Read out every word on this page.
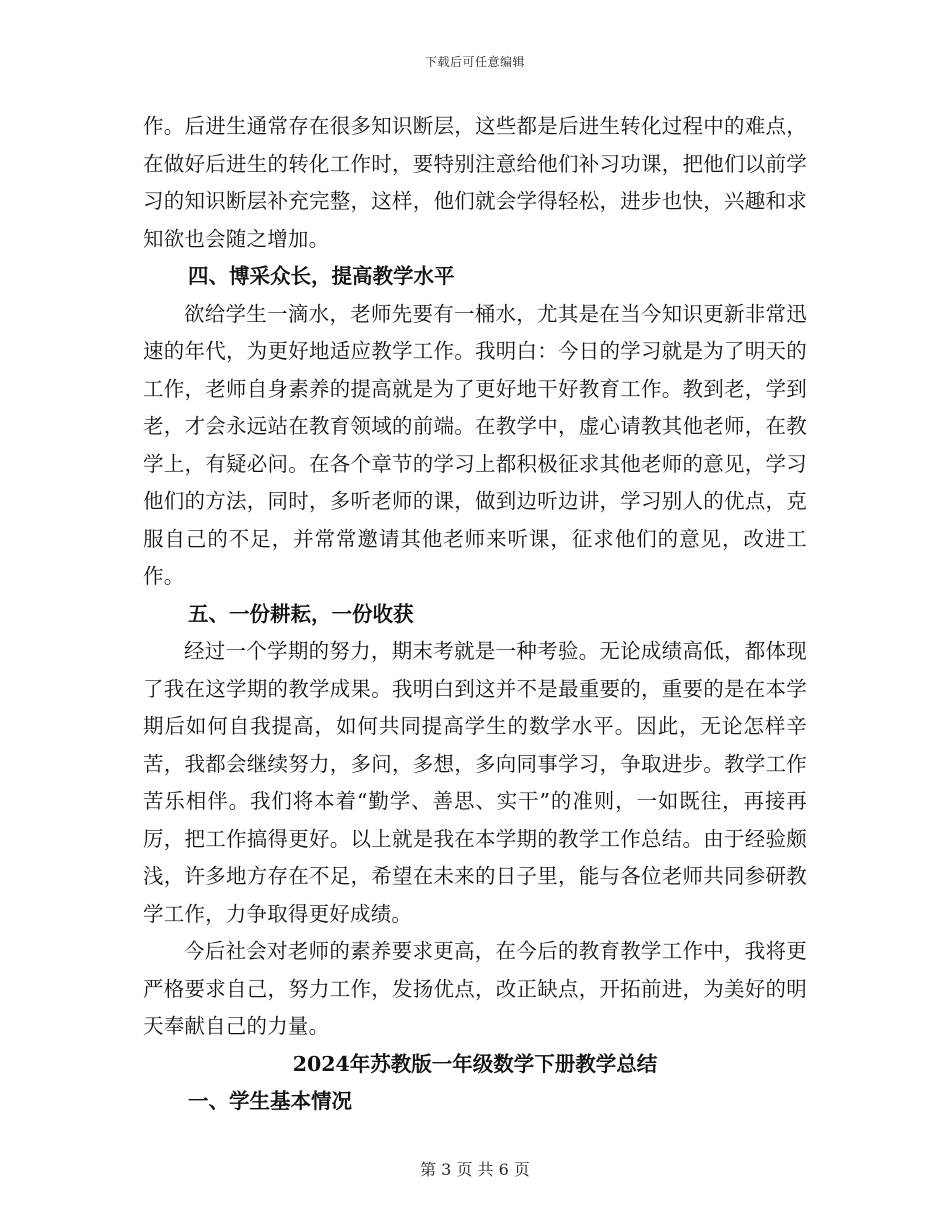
下载后可任意编辑

作。后进生通常存在很多知识断层，这些都是后进生转化过程中的难点，在做好后进生的转化工作时，要特别注意给他们补习功课，把他们以前学习的知识断层补充完整，这样，他们就会学得轻松，进步也快，兴趣和求知欲也会随之增加。

四、博采众长，提高教学水平

欲给学生一滴水，老师先要有一桶水，尤其是在当今知识更新非常迅速的年代，为更好地适应教学工作。我明白：今日的学习就是为了明天的工作，老师自身素养的提高就是为了更好地干好教育工作。教到老，学到老，才会永远站在教育领域的前端。在教学中，虚心请教其他老师，在教学上，有疑必问。在各个章节的学习上都积极征求其他老师的意见，学习他们的方法，同时，多听老师的课，做到边听边讲，学习别人的优点，克服自己的不足，并常常邀请其他老师来听课，征求他们的意见，改进工作。

五、一份耕耘，一份收获

经过一个学期的努力，期末考就是一种考验。无论成绩高低，都体现了我在这学期的教学成果。我明白到这并不是最重要的，重要的是在本学期后如何自我提高，如何共同提高学生的数学水平。因此，无论怎样辛苦，我都会继续努力，多问，多想，多向同事学习，争取进步。教学工作苦乐相伴。我们将本着“勤学、善思、实干”的准则，一如既往，再接再厉，把工作搞得更好。以上就是我在本学期的教学工作总结。由于经验颇浅，许多地方存在不足，希望在未来的日子里，能与各位老师共同参研教学工作，力争取得更好成绩。

今后社会对老师的素养要求更高，在今后的教育教学工作中，我将更严格要求自己，努力工作，发扬优点，改正缺点，开拓前进，为美好的明天奉献自己的力量。

2024年苏教版一年级数学下册教学总结

一、学生基本情况

第 3 页 共 6 页
